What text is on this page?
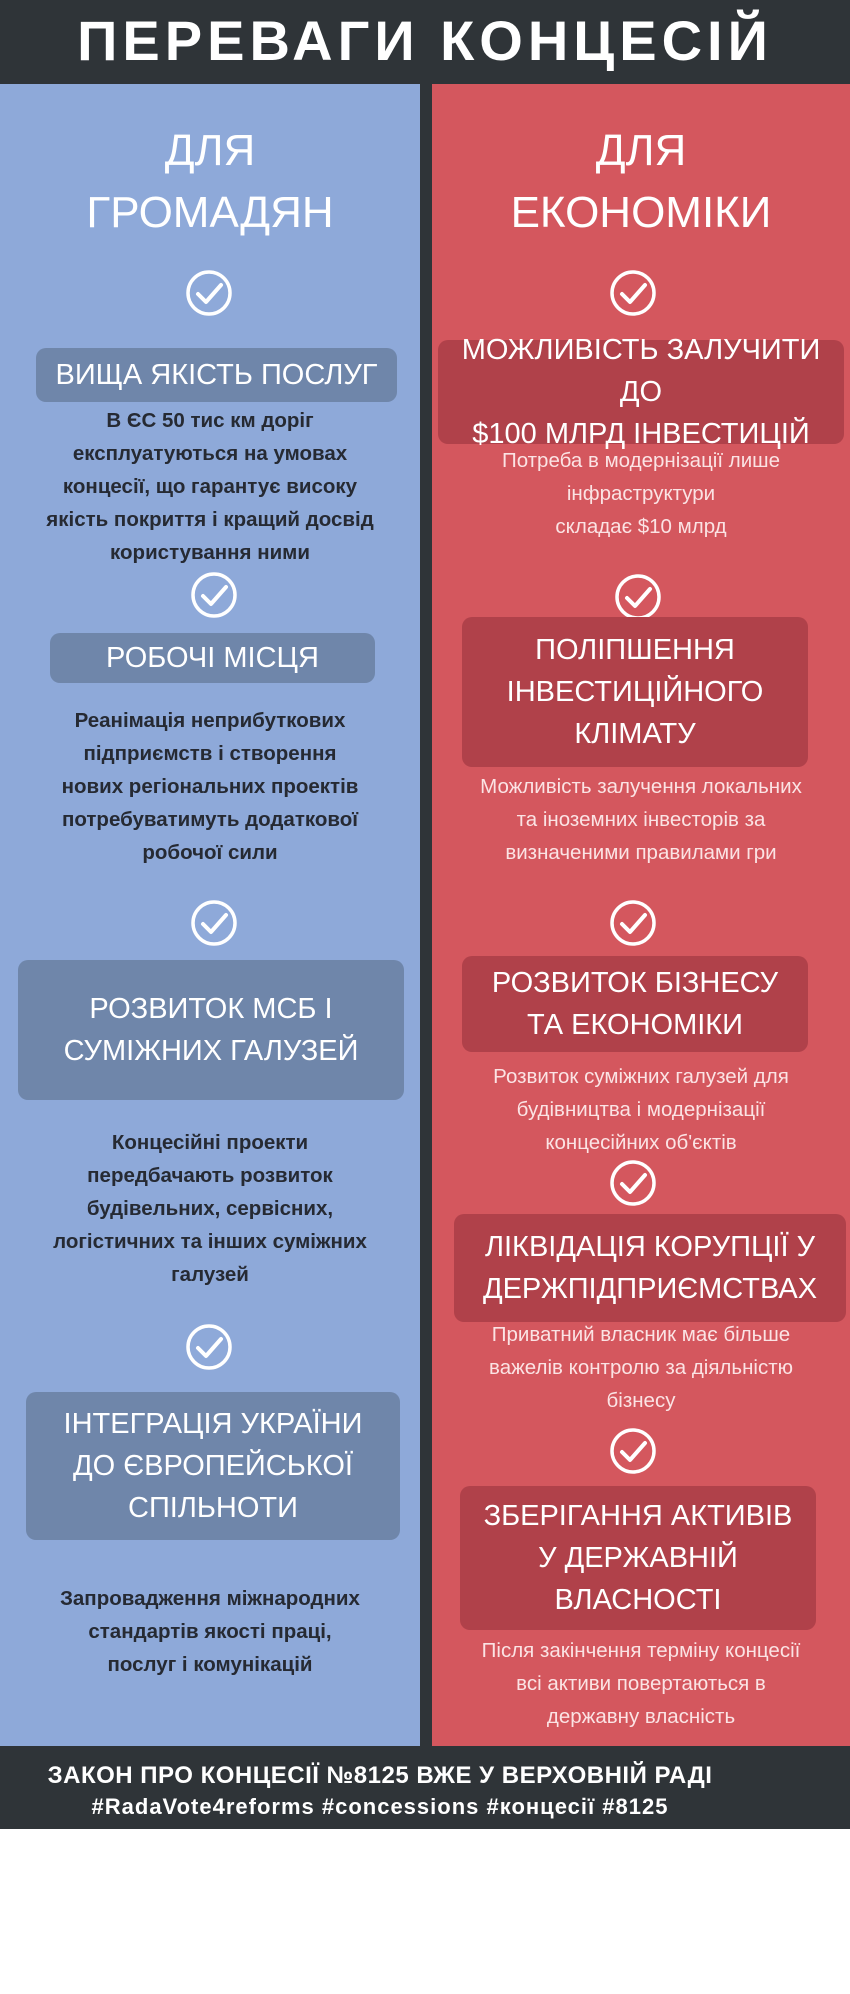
ПЕРЕВАГИ КОНЦЕСІЙ
ДЛЯ
ГРОМАДЯН
ВИЩА ЯКІСТЬ ПОСЛУГ
В ЄС 50 тис км доріг
експлуатуються на умовах
концесії, що гарантує високу
якість покриття і кращий досвід
користування ними
РОБОЧІ МІСЦЯ
Реанімація неприбуткових
підприємств і створення
нових регіональних проектів
потребуватимуть додаткової
робочої сили
РОЗВИТОК МСБ І
СУМІЖНИХ ГАЛУЗЕЙ
Концесійні проекти
передбачають розвиток
будівельних, сервісних,
логістичних та інших суміжних
галузей
ІНТЕГРАЦІЯ УКРАЇНИ
ДО ЄВРОПЕЙСЬКОЇ
СПІЛЬНОТИ
Запровадження міжнародних
стандартів якості праці,
послуг і комунікацій
ДЛЯ
ЕКОНОМІКИ
МОЖЛИВІСТЬ ЗАЛУЧИТИ ДО
$100 МЛРД ІНВЕСТИЦІЙ
Потреба в модернізації лише
інфраструктури
складає $10 млрд
ПОЛІПШЕННЯ
ІНВЕСТИЦІЙНОГО
КЛІМАТУ
Можливість залучення локальних
та іноземних інвесторів за
визначеними правилами гри
РОЗВИТОК БІЗНЕСУ
ТА ЕКОНОМІКИ
Розвиток суміжних галузей для
будівництва і модернізації
концесійних об'єктів
ЛІКВІДАЦІЯ КОРУПЦІЇ У
ДЕРЖПІДПРИЄМСТВАХ
Приватний власник має більше
важелів контролю за діяльністю
бізнесу
ЗБЕРІГАННЯ АКТИВІВ
У ДЕРЖАВНІЙ
ВЛАСНОСТІ
Після закінчення терміну концесії
всі активи повертаються в
державну власність
ЗАКОН ПРО КОНЦЕСІЇ №8125 ВЖЕ У ВЕРХОВНІЙ РАДІ
#RadaVote4reforms #concessions #концесії #8125
